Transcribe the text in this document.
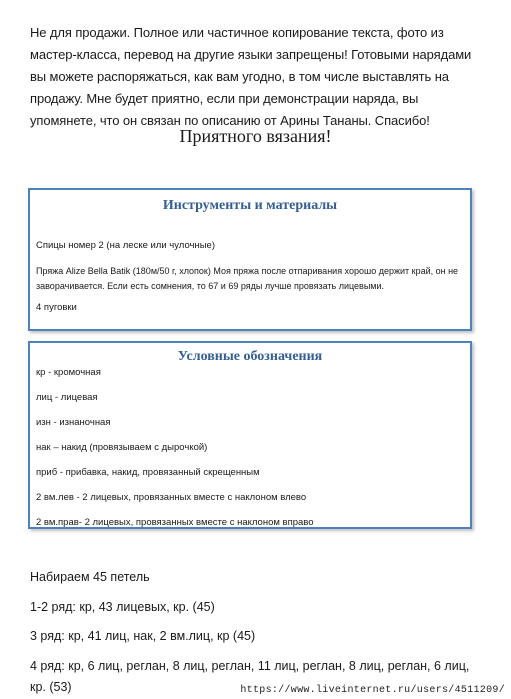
Не для продажи. Полное или частичное копирование текста, фото из мастер-класса, перевод на другие языки запрещены! Готовыми нарядами вы можете распоряжаться, как вам угодно, в том числе выставлять на продажу. Мне будет приятно, если при демонстрации наряда, вы упомянете, что он связан по описанию от Арины Тананы. Спасибо!
Приятного вязания!
Инструменты и материалы
Спицы номер 2 (на леске или чулочные)
Пряжа Alize Bella Batik (180м/50 г, хлопок) Моя пряжа после отпаривания хорошо держит край, он не заворачивается. Если есть сомнения, то 67 и 69 ряды лучше провязать лицевыми.
4 пуговки
Условные обозначения
кр - кромочная
лиц - лицевая
изн - изнаночная
нак – накид (провязываем с дырочкой)
приб - прибавка, накид, провязанный скрещенным
2 вм.лев - 2 лицевых, провязанных вместе с наклоном влево
2 вм.прав- 2 лицевых, провязанных вместе с наклоном вправо
Набираем 45 петель
1-2 ряд: кр, 43 лицевых, кр. (45)
3 ряд: кр, 41 лиц, нак, 2 вм.лиц, кр (45)
4 ряд: кр, 6 лиц, реглан, 8 лиц, реглан, 11 лиц, реглан, 8 лиц, реглан, 6 лиц, кр. (53)	https://www.liveinternet.ru/users/4511209/
